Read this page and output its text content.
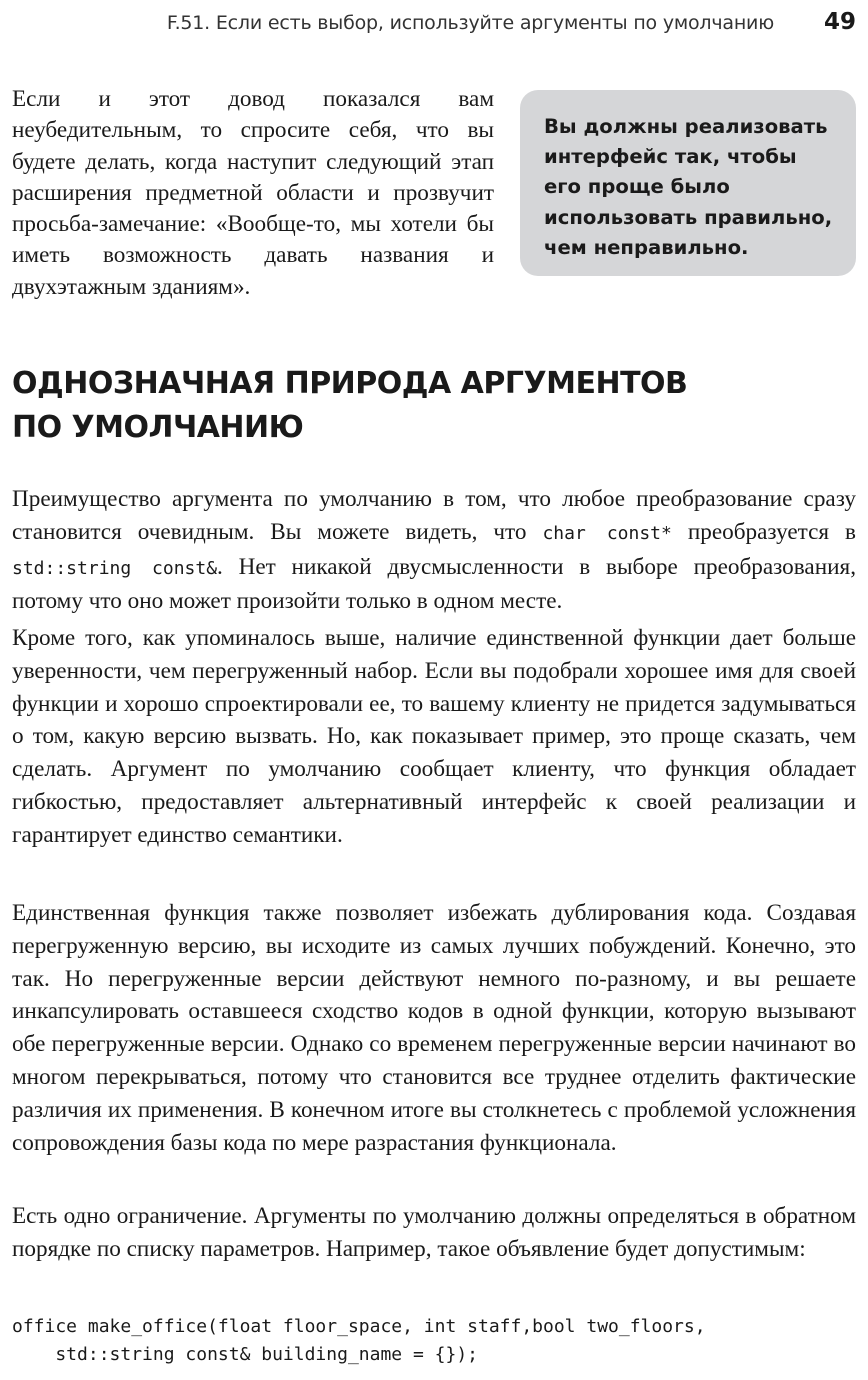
F.51. Если есть выбор, используйте аргументы по умолчанию 49

Если и этот довод показался вам неубедительным, то спросите себя, что вы будете делать, когда наступит следующий этап расширения предметной области и прозвучит просьба-замечание: «Вообще-то, мы хотели бы иметь возможность давать названия и двухэтажным зданиям».

Вы должны реализовать интерфейс так, чтобы его проще было использовать правильно, чем неправильно.

ОДНОЗНАЧНАЯ ПРИРОДА АРГУМЕНТОВ
ПО УМОЛЧАНИЮ

Преимущество аргумента по умолчанию в том, что любое преобразование сразу становится очевидным. Вы можете видеть, что char const* преобразуется в std::string const&. Нет никакой двусмысленности в выборе преобразования, потому что оно может произойти только в одном месте.

Кроме того, как упоминалось выше, наличие единственной функции дает больше уверенности, чем перегруженный набор. Если вы подобрали хорошее имя для своей функции и хорошо спроектировали ее, то вашему клиенту не придется задумываться о том, какую версию вызвать. Но, как показывает пример, это проще сказать, чем сделать. Аргумент по умолчанию сообщает клиенту, что функция обладает гибкостью, предоставляет альтернативный интерфейс к своей реализации и гарантирует единство семантики.

Единственная функция также позволяет избежать дублирования кода. Создавая перегруженную версию, вы исходите из самых лучших побуждений. Конечно, это так. Но перегруженные версии действуют немного по-разному, и вы решаете инкапсулировать оставшееся сходство кодов в одной функции, которую вызывают обе перегруженные версии. Однако со временем перегруженные версии начинают во многом перекрываться, потому что становится все труднее отделить фактические различия их применения. В конечном итоге вы столкнетесь с проблемой усложнения сопровождения базы кода по мере разрастания функционала.

Есть одно ограничение. Аргументы по умолчанию должны определяться в обратном порядке по списку параметров. Например, такое объявление будет допустимым:

office make_office(float floor_space, int staff,bool two_floors,
std::string const& building_name = {});
